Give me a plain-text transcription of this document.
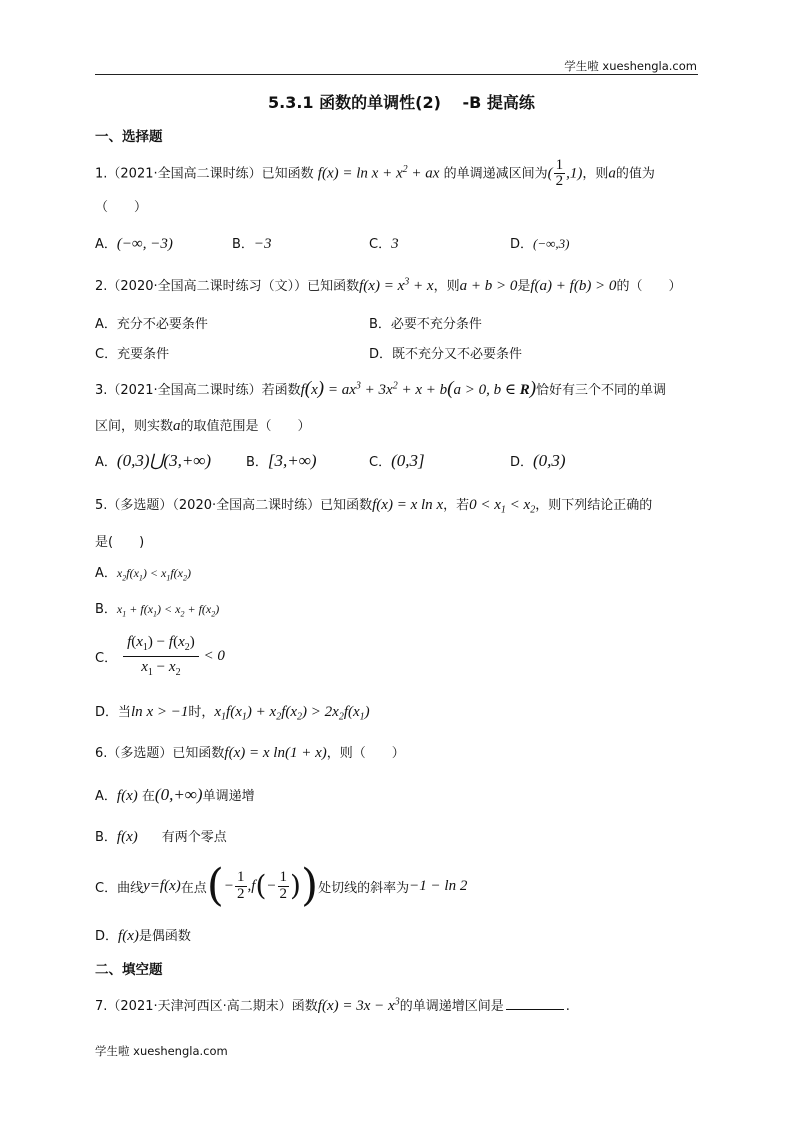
学生啦 xueshengla.com
5.3.1 函数的单调性(2)　 -B 提高练
一、选择题
1.（2021·全国高二课时练）已知函数 $f(x) = \ln x + x^2$ + ax 的单调递减区间为( $\frac{1}{2} ,1$)，则a的值为
（　　）
A．(−∞, −3)	B．−3	C．3	D．(−∞,3)
2.（2020·全国高二课时练习（文））已知函数$f(x) = x^3 + x$，则a + b > 0是f(a) + f(b) > 0的（　　）
A．充分不必要条件	B．必要不充分条件
C．充要条件	D．既不充分又不必要条件
3.（2021·全国高二课时练）若函数$f(x) = ax^3 + 3x^2 + x + b(a > 0$, b ∈ R)恰好有三个不同的单调
区间，则实数a的取值范围是（　　）
A．(0,3)⋃(3,+∞)	B．[3,+∞)	C．(0,3]	D．(0,3)
5.（多选题）（2020·全国高二课时练）已知函数f(x) = x ln x，若$0 < x_1 < x_2$，则下列结论正确的
是(　　)
A．$x_2f(x_1) < x_1f(x_2)$
B．$x_1 + f(x_1) < x_2 + f(x_2)$
C． $\frac{f(x_1) - f(x_2)}{x_1 - x_2} < 0$
D．当ln x > −1时，$x_1f(x_1) + x_2f(x_2) > 2x_2f(x_1)$
6.（多选题）已知函数f(x) = x ln(1 + x)，则（　　）
A．f(x) 在(0,+∞)单调递增
B．f(x) 有两个零点
C． 曲线 y = f ( x ) 在点 ( − $\frac{1}{2}$ , f ( − $\frac{1}{2}$ ) ) 处切线的斜率为 −1 − ln 2
D．f(x)是偶函数
二、填空题
7.（2021·天津河西区·高二期末）函数$f(x) = 3x - x^3$的单调递增区间是	.
学生啦 xueshengla.com
